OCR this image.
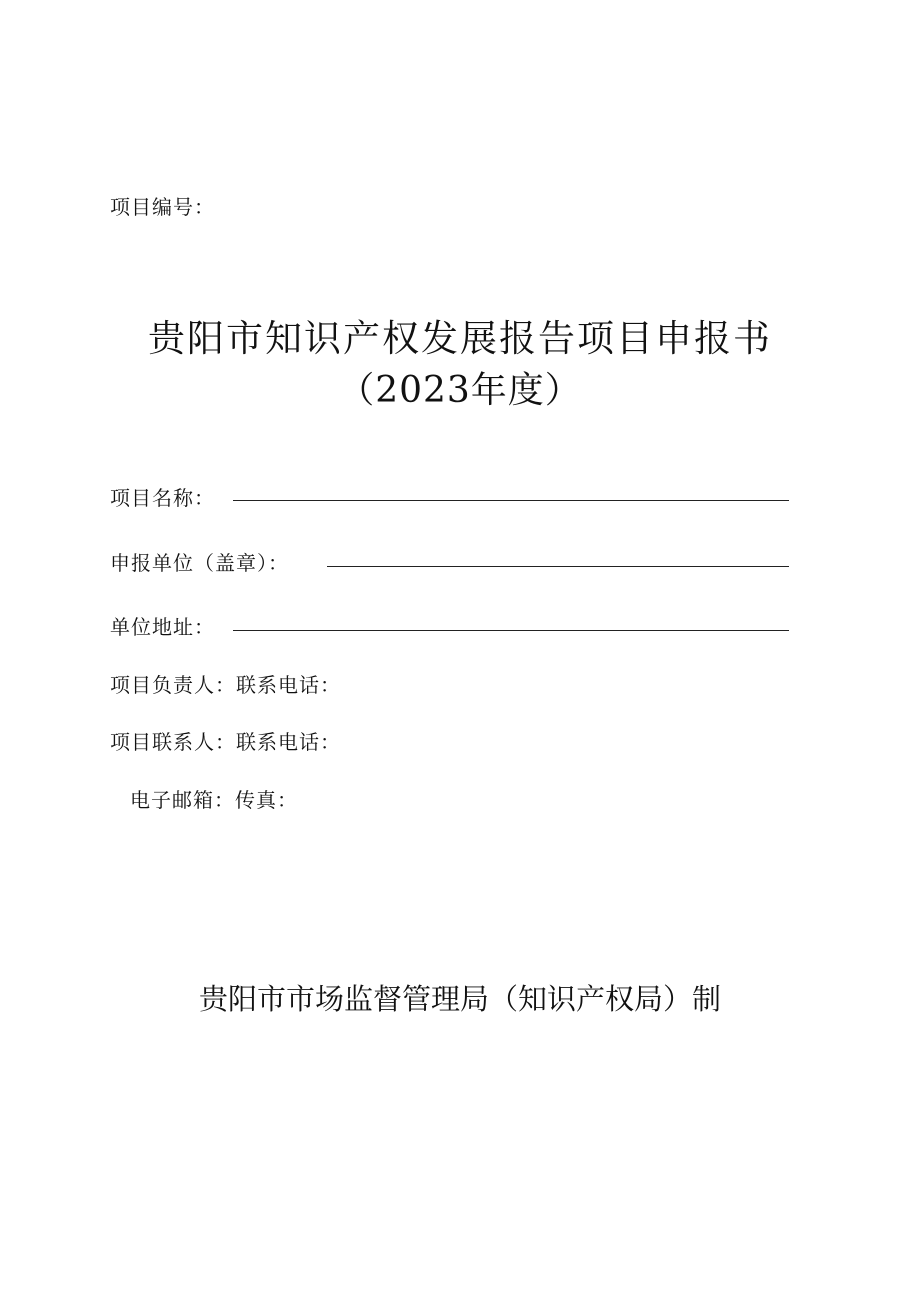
项目编号：
贵阳市知识产权发展报告项目申报书
（2023年度）
项目名称：
申报单位（盖章）：
单位地址：
项目负责人：联系电话：
项目联系人：联系电话：
电子邮箱：传真：
贵阳市市场监督管理局（知识产权局）制
